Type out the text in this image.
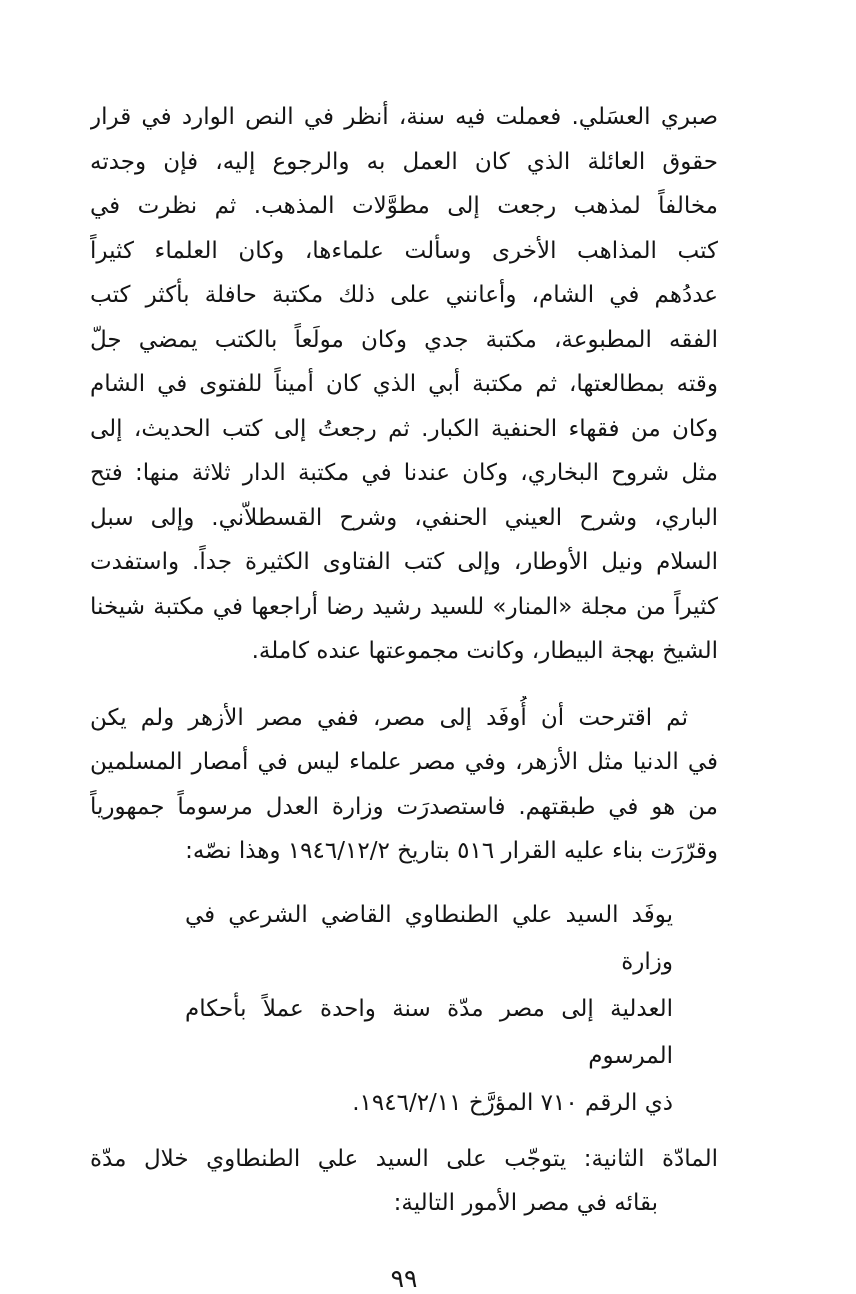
صبري العسَلي. فعملت فيه سنة، أنظر في النص الوارد في قرار
حقوق العائلة الذي كان العمل به والرجوع إليه، فإن وجدته
مخالفاً لمذهب رجعت إلى مطوَّلات المذهب. ثم نظرت في
كتب المذاهب الأخرى وسألت علماءها، وكان العلماء كثيراً
عددُهم في الشام، وأعانني على ذلك مكتبة حافلة بأكثر كتب
الفقه المطبوعة، مكتبة جدي وكان مولَعاً بالكتب يمضي جلّ
وقته بمطالعتها، ثم مكتبة أبي الذي كان أميناً للفتوى في الشام
وكان من فقهاء الحنفية الكبار. ثم رجعتُ إلى كتب الحديث، إلى
مثل شروح البخاري، وكان عندنا في مكتبة الدار ثلاثة منها: فتح
الباري، وشرح العيني الحنفي، وشرح القسطلاّني. وإلى سبل
السلام ونيل الأوطار، وإلى كتب الفتاوى الكثيرة جداً. واستفدت
كثيراً من مجلة «المنار» للسيد رشيد رضا أراجعها في مكتبة شيخنا
الشيخ بهجة البيطار، وكانت مجموعتها عنده كاملة.
ثم اقترحت أن أُوفَد إلى مصر، ففي مصر الأزهر ولم يكن
في الدنيا مثل الأزهر، وفي مصر علماء ليس في أمصار المسلمين
من هو في طبقتهم. فاستصدرَت وزارة العدل مرسوماً جمهورياً
وقرّرَت بناء عليه القرار ٥١٦ بتاريخ ١٩٤٦/١٢/٢ وهذا نصّه:
يوفَد السيد علي الطنطاوي القاضي الشرعي في وزارة
العدلية إلى مصر مدّة سنة واحدة عملاً بأحكام المرسوم
ذي الرقم ٧١٠ المؤرَّخ ١٩٤٦/٢/١١.
المادّة الثانية: يتوجّب على السيد علي الطنطاوي خلال مدّة
بقائه في مصر الأمور التالية:
٩٩
